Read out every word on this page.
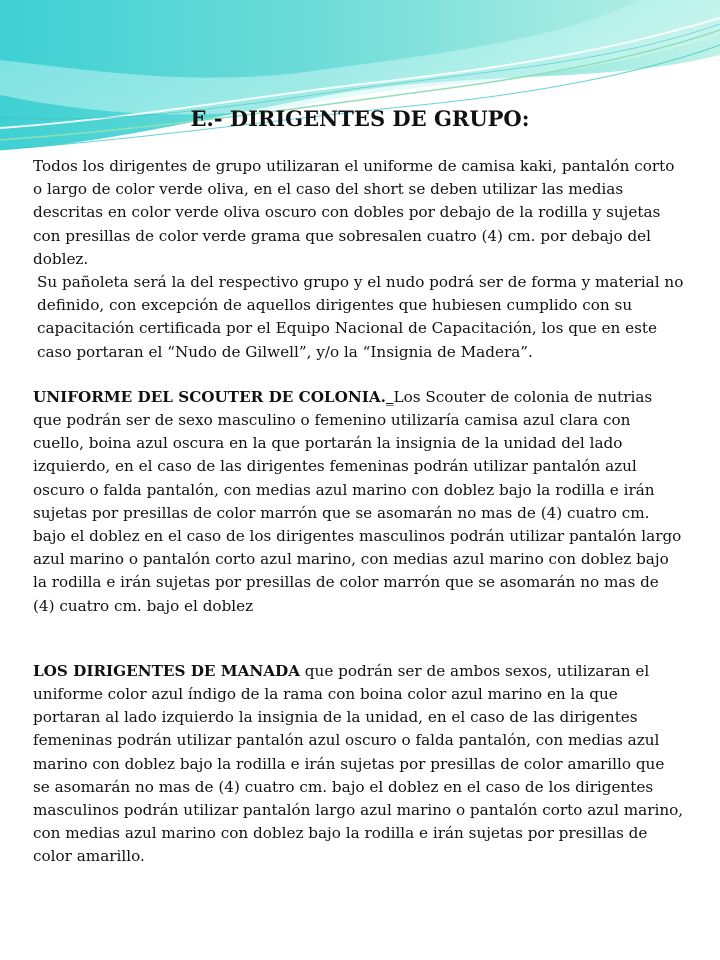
E.- DIRIGENTES DE GRUPO:

Todos los dirigentes de grupo utilizaran el uniforme de camisa kaki, pantalón corto o largo de color verde oliva, en el caso del short se deben utilizar las medias descritas en color verde oliva oscuro con dobles por debajo de la rodilla y sujetas con presillas de color verde grama que sobresalen cuatro (4) cm. por debajo del doblez.

Su pañoleta será la del respectivo grupo y el nudo podrá ser de forma y material no definido, con excepción de aquellos dirigentes que hubiesen cumplido con su capacitación certificada por el Equipo Nacional de Capacitación, los que en este caso portaran el “Nudo de Gilwell”, y/o la “Insignia de Madera”.

UNIFORME DEL SCOUTER DE COLONIA._Los Scouter de colonia de nutrias que podrán ser de sexo masculino o femenino utilizaría camisa azul clara con cuello, boina azul oscura en la que portarán la insignia de la unidad del lado izquierdo, en el caso de las dirigentes femeninas podrán utilizar pantalón azul oscuro o falda pantalón, con medias azul marino con doblez bajo la rodilla e irán sujetas por presillas de color marrón que se asomarán no mas de (4) cuatro cm. bajo el doblez en el caso de los dirigentes masculinos podrán utilizar pantalón largo azul marino o pantalón corto azul marino, con medias azul marino con doblez bajo la rodilla e irán sujetas por presillas de color marrón que se asomarán no mas de (4) cuatro cm. bajo el doblez

LOS DIRIGENTES DE MANADA que podrán ser de ambos sexos, utilizaran el uniforme color azul índigo de la rama con boina color azul marino en la que portaran al lado izquierdo la insignia de la unidad, en el caso de las dirigentes femeninas podrán utilizar pantalón azul oscuro o falda pantalón, con medias azul marino con doblez bajo la rodilla e irán sujetas por presillas de color amarillo que se asomarán no mas de (4) cuatro cm. bajo el doblez en el caso de los dirigentes masculinos podrán utilizar pantalón largo azul marino o pantalón corto azul marino, con medias azul marino con doblez bajo la rodilla e irán sujetas por presillas de color amarillo.
